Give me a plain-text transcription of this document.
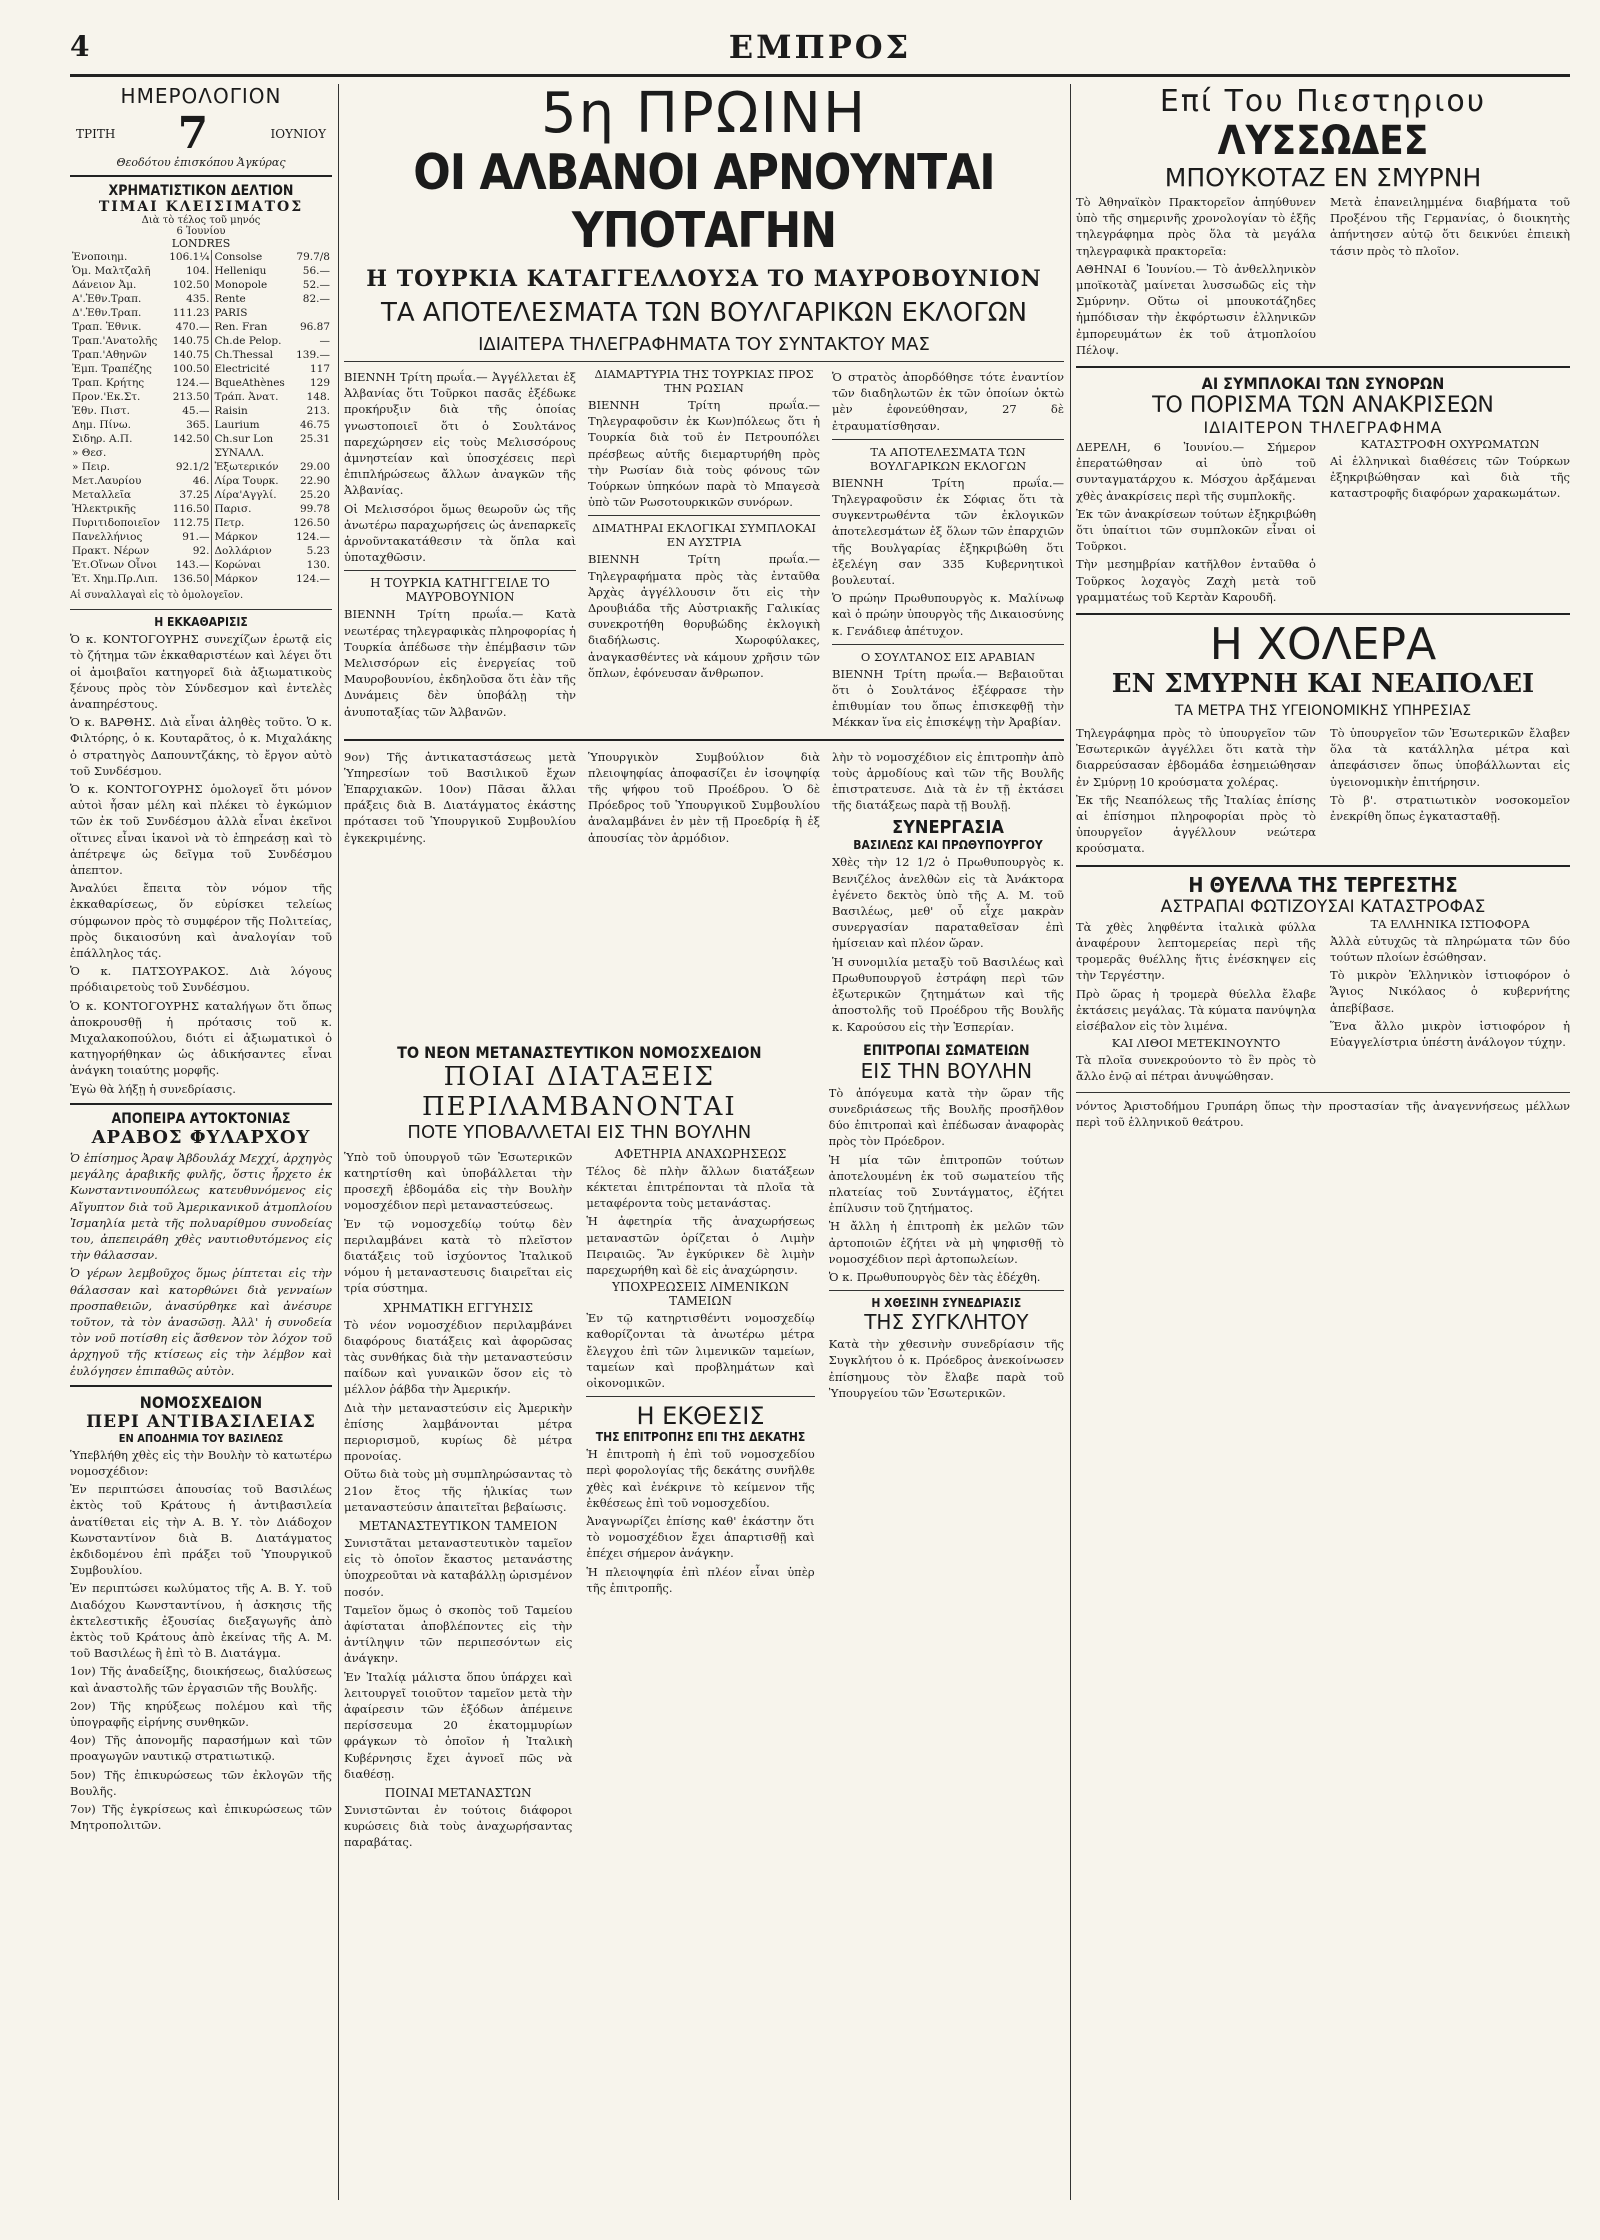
4	ΕΜΠΡΟΣ
ΗΜΕΡΟΛΟΓΙΟΝ
ΤΡΙΤΗ 7	ΙΟΥΝΙΟΥ
Θεοδότου ἐπισκόπου Ἀγκύρας
ΧΡΗΜΑΤΙΣΤΙΚΟΝ ΔΕΛΤΙΟΝ
ΤΙΜΑΙ ΚΛΕΙΣΙΜΑΤΟΣ
Διὰ τὸ τέλος τοῦ μηνός
6 Ἰουνίου
LONDRES
Ἑνοποιημ.	106.1¼	Consolse	79.7/8
Ὁμ. Μαλτζαλῆ	104.	Helleniqu	56.—
Δάνειον Ἀμ.	102.50	Monopole	52.—
Α'.Ἐθν.Τραπ.	435.	Rente	82.—
Δ'.Ἐθν.Τραπ.	111.23	PARIS	
Τραπ. Ἐθνικ.	470.—	Ren. Fran	96.87
Τραπ.'Ανατολῆς	140.75	Ch.de Pelop.	—
Τραπ.'Αθηνῶν	140.75	Ch.Thessal	139.—
Ἐμπ. Τραπέζης	100.50	Electricité	117
Τραπ. Κρήτης	124.—	BqueAthènes	129
Προν.'Εκ.Στ.	213.50	Τράπ. Ἀνατ.	148.
Ἐθν. Πιστ.	45.—	Raisin	213.
Δημ. Πίνω.	365.	Laurium	46.75
Σιδηρ. Α.Π.	142.50	Ch.sur Lon	25.31
» Θεσ.		ΣΥΝΑΛΛ.	
» Πειρ.	92.1/2	Ἐξωτερικόν	29.00
Μετ.Λαυρίου	46.	Λίρα Τουρκ.	22.90
Μεταλλεῖα	37.25	Λίρα'Αγγλί.	25.20
Ἠλεκτρικῆς	116.50	Παρισ.	99.78
Πυριτιδοποιεῖον	112.75	Πετρ.	126.50
Πανελλήνιος	91.—	Μάρκον	124.—
Πρακτ. Νέρων	92.	Δολλάριον	5.23
Ἐτ.Οἴνων Οἶνοι	143.—	Κορώναι	130.
Ἐτ. Χημ.Πρ.Λιπ.	136.50	Μάρκον	124.—
Αἱ συναλλαγαὶ εἰς τὸ ὁμολογεῖον.
Η ΕΚΚΑΘΑΡΙΣΙΣ

Ὁ κ. ΚΟΝΤΟΓΟΥΡΗΣ συνεχίζων ἐρωτᾷ εἰς τὸ ζήτημα τῶν ἐκκαθαριστέων καὶ λέγει ὅτι οἱ ἀμοιβαῖοι κατηγορεῖ διὰ ἀξιωματικοὺς ξένους πρὸς τὸν Σύνδεσμον καὶ ἐντελὲς ἀναπηρέστους.

Ὁ κ. ΒΑΡΘΗΣ. Διὰ εἶναι ἀληθὲς τοῦτο. Ὁ κ. Φιλτόρης, ὁ κ. Κουταρᾶτος, ὁ κ. Μιχαλάκης ὁ στρατηγὸς Δαπουντζάκης, τὸ ἔργον αὐτὸ τοῦ Συνδέσμου.

Ὁ κ. ΚΟΝΤΟΓΟΥΡΗΣ ὁμολογεῖ ὅτι μόνον αὐτοὶ ἦσαν μέλη καὶ πλέκει τὸ ἐγκώμιον τῶν ἐκ τοῦ Συνδέσμου ἀλλὰ εἶναι ἐκεῖνοι οἵτινες εἶναι ἱκανοὶ νὰ τὸ ἐπηρεάσῃ καὶ τὸ ἀπέτρεψε ὡς δεῖγμα τοῦ Συνδέσμου ἀπεπτον.

Ἀναλύει ἔπειτα τὸν νόμον τῆς ἐκκαθαρίσεως, ὅν εὑρίσκει τελείως σύμφωνον πρὸς τὸ συμφέρον τῆς Πολιτείας, πρὸς δικαιοσύνη καὶ ἀναλογίαν τοῦ ἐπάλληλος τάς.

Ὁ κ. ΠΑΤΣΟΥΡΑΚΟΣ. Διὰ λόγους πρόδιαιρετοὺς τοῦ Συνδέσμου.

Ὁ κ. ΚΟΝΤΟΓΟΥΡΗΣ καταλήγων ὅτι ὅπως ἀποκρουσθῇ ἡ πρότασις τοῦ κ. Μιχαλακοπούλου, διότι εἰ ἀξιωματικοὶ ὁ κατηγορήθηκαν ὡς ἀδικήσαντες εἶναι ἀνάγκη τοιαύτης μορφῆς.

Ἐγὼ θὰ λήξῃ ἡ συνεδρίασις.

ΑΠΟΠΕΙΡΑ ΑΥΤΟΚΤΟΝΙΑΣ
ΑΡΑΒΟΣ ΦΥΛΑΡΧΟΥ

Ὁ ἐπίσημος Ἀραψ Ἀβδουλάχ Μεχχί, ἀρχηγὸς μεγάλης ἀραβικῆς φυλῆς, ὅστις ἦρχετο ἐκ Κωνσταντινουπόλεως κατευθυνόμενος εἰς Αἴγυπτον διὰ τοῦ Ἀμερικανικοῦ ἀτμοπλοίου Ἰσμαηλία μετὰ τῆς πολυαρίθμου συνοδείας του, ἀπεπειράθη χθὲς ναυτιοθυτόμενος εἰς τὴν θάλασσαν.

Ὁ γέρων λεμβοῦχος ὅμως ῥίπτεται εἰς τὴν θάλασσαν καὶ κατορθώνει διὰ γενναίων προσπαθειῶν, ἀνασύρθηκε καὶ ἀνέσυρε τοῦτον, τὰ τὸν ἀνασῶσῃ. Ἀλλ' ἡ συνοδεία τὸν νοῦ ποτίσθη εἰς ἄσθενον τὸν λόχον τοῦ ἀρχηγοῦ τῆς κτίσεως εἰς τὴν λέμβον καὶ ἐυλόγησεν ἐπιπαθῶς αὐτὸν.

ΝΟΜΟΣΧΕΔΙΟΝ
ΠΕΡΙ ΑΝΤΙΒΑΣΙΛΕΙΑΣ
ΕΝ ΑΠΟΔΗΜΙΑ ΤΟΥ ΒΑΣΙΛΕΩΣ

Ὑπεβλήθη χθὲς εἰς τὴν Βουλὴν τὸ κατωτέρω νομοσχέδιον:

Ἐν περιπτώσει ἀπουσίας τοῦ Βασιλέως ἐκτὸς τοῦ Κράτους ἡ ἀντιβασιλεία ἀνατίθεται εἰς τὴν Α. Β. Υ. τὸν Διάδοχον Κωνσταντίνον διὰ Β. Διατάγματος ἐκδιδομένου ἐπὶ πράξει τοῦ Ὑπουργικοῦ Συμβουλίου.

Ἐν περιπτώσει κωλύματος τῆς Α. Β. Υ. τοῦ Διαδόχου Κωνσταντίνου, ἡ ἀσκησις τῆς ἐκτελεστικῆς ἐξουσίας διεξαγωγῆς ἀπὸ ἐκτὸς τοῦ Κράτους ἀπὸ ἐκείνας τῆς Α. Μ. τοῦ Βασιλέως ἢ ἐπὶ τὸ Β. Διατάγμα.

1ον) Τῆς ἀναδείξης, διοικήσεως, διαλύσεως καὶ ἀναστολῆς τῶν ἐργασιῶν τῆς Βουλῆς.

2ον) Τῆς κηρύξεως πολέμου καὶ τῆς ὑπογραφῆς εἰρήνης συνθηκῶν.

4ον) Τῆς ἀπονομῆς παρασήμων καὶ τῶν προαγωγῶν ναυτικῷ στρατιωτικῷ.

5ον) Τῆς ἐπικυρώσεως τῶν ἐκλογῶν τῆς Βουλῆς.

7ον) Τῆς ἐγκρίσεως καὶ ἐπικυρώσεως τῶν Μητροπολιτῶν.

5η ΠΡΩΙΝΗ
ΟΙ ΑΛΒΑΝΟΙ ΑΡΝΟΥΝΤΑΙ ΥΠΟΤΑΓΗΝ
Η ΤΟΥΡΚΙΑ ΚΑΤΑΓΓΕΛΛΟΥΣΑ ΤΟ ΜΑΥΡΟΒΟΥΝΙΟΝ
ΤΑ ΑΠΟΤΕΛΕΣΜΑΤΑ ΤΩΝ ΒΟΥΛΓΑΡΙΚΩΝ ΕΚΛΟΓΩΝ
ΙΔΙΑΙΤΕΡΑ ΤΗΛΕΓΡΑΦΗΜΑΤΑ ΤΟΥ ΣΥΝΤΑΚΤΟΥ ΜΑΣ

ΒΙΕΝΝΗ Τρίτη πρωΐα.— Ἀγγέλλεται ἐξ Ἀλβανίας ὅτι Τοῦρκοι πασᾶς ἐξέδωκε προκήρυξιν διὰ τῆς ὁποίας γνωστοποιεῖ ὅτι ὁ Σουλτάνος παρεχώρησεν εἰς τοὺς Μελισσόρους ἀμνηστείαν καὶ ὑποσχέσεις περὶ ἐπιπλήρώσεως ἄλλων ἀναγκῶν τῆς Ἀλβανίας.

Οἱ Μελισσόροι ὅμως θεωροῦν ὡς τῆς ἀνωτέρω παραχωρήσεις ὡς ἀνεπαρκεῖς ἀρνοῦντακατάθεσιν τὰ ὅπλα καὶ ὑποταχθῶσιν.

Η ΤΟΥΡΚΙΑ ΚΑΤΗΓΓΕΙΛΕ ΤΟ ΜΑΥΡΟΒΟΥΝΙΟΝ

ΒΙΕΝΝΗ Τρίτη πρωΐα.— Κατὰ νεωτέρας τηλεγραφικὰς πληροφορίας ἡ Τουρκία ἀπέδωσε τὴν ἐπέμβασιν τῶν Μελισσόρων εἰς ἐνεργείας τοῦ Μαυροβουνίου, ἐκδηλοῦσα ὅτι ἐὰν τῆς Δυνάμεις δὲν ὑποβάλῃ τὴν ἀνυποταξίας τῶν Ἀλβανῶν.

ΔΙΑΜΑΡΤΥΡΙΑ ΤΗΣ ΤΟΥΡΚΙΑΣ ΠΡΟΣ ΤΗΝ ΡΩΣΙΑΝ

ΒΙΕΝΝΗ Τρίτη πρωΐα.— Τηλεγραφοῦσιν ἐκ Κων)πόλεως ὅτι ἡ Τουρκία διὰ τοῦ ἐν Πετρουπόλει πρέσβεως αὐτῆς διεμαρτυρήθη πρὸς τὴν Ρωσίαν διὰ τοὺς φόνους τῶν Τούρκων ὑπηκόων παρὰ τὸ Μπαγεσὰ ὑπὸ τῶν Ρωσοτουρκικῶν συνόρων.

ΔΙΜΑΤΗΡΑΙ ΕΚΛΟΓΙΚΑΙ ΣΥΜΠΛΟΚΑΙ ΕΝ ΑΥΣΤΡΙΑ

ΒΙΕΝΝΗ Τρίτη πρωΐα.— Τηλεγραφήματα πρὸς τὰς ἐνταῦθα Ἀρχὰς ἀγγέλλουσιν ὅτι εἰς τὴν Δρουβιάδα τῆς Αὐστριακῆς Γαλικίας συνεκροτήθη θορυβώδης ἐκλογικὴ διαδήλωσις. Χωροφύλακες, ἀναγκασθέντες νὰ κάμουν χρῆσιν τῶν ὅπλων, ἐφόνευσαν ἄνθρωπον.

Ὁ στρατὸς ἀπορδόθησε τότε ἐναντίον τῶν διαδηλωτῶν ἐκ τῶν ὁποίων ὀκτὼ μὲν ἐφονεύθησαν, 27 δὲ ἐτραυματίσθησαν.

ΤΑ ΑΠΟΤΕΛΕΣΜΑΤΑ ΤΩΝ ΒΟΥΛΓΑΡΙΚΩΝ ΕΚΛΟΓΩΝ

ΒΙΕΝΝΗ Τρίτη πρωΐα.— Τηλεγραφοῦσιν ἐκ Σόφιας ὅτι τὰ συγκεντρωθέντα τῶν ἐκλογικῶν ἀποτελεσμάτων ἐξ ὅλων τῶν ἐπαρχιῶν τῆς Βουλγαρίας ἐξηκριβώθη ὅτι ἐξελέγη σαν 335 Κυβερνητικοὶ βουλευταί.

Ὁ πρώην Πρωθυπουργὸς κ. Μαλίνωφ καὶ ὁ πρώην ὑπουργὸς τῆς Δικαιοσύνης κ. Γενάδιεφ ἀπέτυχον.

Ο ΣΟΥΛΤΑΝΟΣ ΕΙΣ ΑΡΑΒΙΑΝ

ΒΙΕΝΝΗ Τρίτη πρωΐα.— Βεβαιοῦται ὅτι ὁ Σουλτάνος ἐξέφρασε τὴν ἐπιθυμίαν του ὅπως ἐπισκεφθῇ τὴν Μέκκαν ἵνα εἰς ἐπισκέψῃ τὴν Ἀραβίαν.

9ον) Τῆς ἀντικαταστάσεως μετὰ Ὑπηρεσίων τοῦ Βασιλικοῦ ἔχων Ἐπαρχιακῶν. 10ον) Πᾶσαι ἄλλαι πράξεις διὰ Β. Διατάγματος ἐκάστης πρότασει τοῦ Ὑπουργικοῦ Συμβουλίου ἐγκεκριμένης.

Ὑπουργικὸν Συμβούλιον διὰ πλειοψηφίας ἀποφασίζει ἐν ἰσοψηφίᾳ τῆς ψήφου τοῦ Προέδρου. Ὁ δὲ Πρόεδρος τοῦ Ὑπουργικοῦ Συμβουλίου ἀναλαμβάνει ἐν μὲν τῇ Προεδρίᾳ ἢ ἐξ ἀπουσίας τὸν ἀρμόδιον.

λὴν τὸ νομοσχέδιον εἰς ἐπιτροπὴν ἀπὸ τοὺς ἁρμοδίους καὶ τῶν τῆς Βουλῆς ἐπιστρατευσε. Διὰ τὰ ἐν τῇ ἐκτάσει τῆς διατάξεως παρὰ τῇ Βουλῇ.

ΣΥΝΕΡΓΑΣΙΑ
ΒΑΣΙΛΕΩΣ ΚΑΙ ΠΡΩΘΥΠΟΥΡΓΟΥ

Χθὲς τὴν 12 1/2 ὁ Πρωθυπουργὸς κ. Βενιζέλος ἀνελθὼν εἰς τὰ Ἀνάκτορα ἐγένετο δεκτὸς ὑπὸ τῆς Α. Μ. τοῦ Βασιλέως, μεθ' οὗ εἶχε μακρὰν συνεργασίαν παραταθεῖσαν ἐπὶ ἡμίσειαν καὶ πλέον ὥραν.

Ἡ συνομιλία μεταξὺ τοῦ Βασιλέως καὶ Πρωθυπουργοῦ ἐστράφη περὶ τῶν ἐξωτερικῶν ζητημάτων καὶ τῆς ἀποστολῆς τοῦ Προέδρου τῆς Βουλῆς κ. Καρούσου εἰς τὴν Ἑσπερίαν.

ΤΟ ΝΕΟΝ ΜΕΤΑΝΑΣΤΕΥΤΙΚΟΝ ΝΟΜΟΣΧΕΔΙΟΝ
ΠΟΙΑΙ ΔΙΑΤΑΞΕΙΣ ΠΕΡΙΛΑΜΒΑΝΟΝΤΑΙ
ΠΟΤΕ ΥΠΟΒΑΛΛΕΤΑΙ ΕΙΣ ΤΗΝ ΒΟΥΛΗΝ

Ὑπὸ τοῦ ὑπουργοῦ τῶν Ἐσωτερικῶν κατηρτίσθη καὶ ὑποβάλλεται τὴν προσεχῆ ἑβδομάδα εἰς τὴν Βουλὴν νομοσχέδιον περὶ μεταναστεύσεως.

Ἐν τῷ νομοσχεδίῳ τούτῳ δὲν περιλαμβάνει κατὰ τὸ πλεῖστον διατάξεις τοῦ ἰσχύοντος Ἰταλικοῦ νόμου ἡ μεταναστευσις διαιρεῖται εἰς τρία σύστημα.

ΧΡΗΜΑΤΙΚΗ ΕΓΓΥΗΣΙΣ

Τὸ νέον νομοσχέδιον περιλαμβάνει διαφόρους διατάξεις καὶ ἀφορῶσας τὰς συνθήκας διὰ τὴν μεταναστεύσιν παίδων καὶ γυναικῶν ὅσον εἰς τὸ μέλλον ῥάβδα τὴν Ἀμερικήν.

Διὰ τὴν μεταναστεύσιν εἰς Ἀμερικὴν ἐπίσης λαμβάνονται μέτρα περιορισμοῦ, κυρίως δὲ μέτρα προνοίας.

Οὕτω διὰ τοὺς μὴ συμπληρώσαντας τὸ 21ον ἔτος τῆς ἡλικίας των μεταναστεύσιν ἀπαιτεῖται βεβαίωσις.

ΜΕΤΑΝΑΣΤΕΥΤΙΚΟΝ ΤΑΜΕΙΟΝ

Συνιστᾶται μεταναστευτικὸν ταμεῖον εἰς τὸ ὁποῖον ἔκαστος μετανάστης ὑποχρεοῦται νὰ καταβάλλῃ ὡρισμένον ποσόν.

Ταμεῖον ὅμως ὁ σκοπὸς τοῦ Ταμείου ἀφίσταται ἀποβλέποντες εἰς τὴν ἀντίληψιν τῶν περιπεσόντων εἰς ἀνάγκην.

Ἐν Ἰταλίᾳ μάλιστα ὅπου ὑπάρχει καὶ λειτουργεῖ τοιοῦτον ταμεῖον μετὰ τὴν ἀφαίρεσιν τῶν ἐξόδων ἀπέμεινε περίσσευμα 20 ἑκατομμυρίων φράγκων τὸ ὁποῖον ἡ Ἰταλικὴ Κυβέρνησις ἔχει ἀγνοεῖ πῶς νὰ διαθέσῃ.

ΠΟΙΝΑΙ ΜΕΤΑΝΑΣΤΩΝ

Συνιστῶνται ἐν τούτοις διάφοροι κυρώσεις διὰ τοὺς ἀναχωρήσαντας παραβάτας.

ΑΦΕΤΗΡΙΑ ΑΝΑΧΩΡΗΣΕΩΣ

Τέλος δὲ πλὴν ἄλλων διατάξεων κέκτεται ἐπιτρέπονται τὰ πλοῖα τὰ μεταφέροντα τοὺς μετανάστας.

Ἡ ἀφετηρία τῆς ἀναχωρήσεως μεταναστῶν ὁρίζεται ὁ Λιμὴν Πειραιῶς. Ἂν ἐγκύρικεν δὲ λιμὴν παρεχωρήθη καὶ δὲ εἰς ἀναχώρησιν.

ΥΠΟΧΡΕΩΣΕΙΣ ΛΙΜΕΝΙΚΩΝ ΤΑΜΕΙΩΝ

Ἐν τῷ κατηρτισθέντι νομοσχεδίῳ καθορίζονται τὰ ἀνωτέρω μέτρα ἔλεγχου ἐπὶ τῶν λιμενικῶν ταμείων, ταμείων καὶ προβλημάτων καὶ οἰκονομικῶν.

Η ΕΚΘΕΣΙΣ
ΤΗΣ ΕΠΙΤΡΟΠΗΣ ΕΠΙ ΤΗΣ ΔΕΚΑΤΗΣ

Ἡ ἐπιτροπὴ ἡ ἐπὶ τοῦ νομοσχεδίου περὶ φορολογίας τῆς δεκάτης συνῆλθε χθὲς καὶ ἐνέκρινε τὸ κείμενον τῆς ἐκθέσεως ἐπὶ τοῦ νομοσχεδίου.

Ἀναγνωρίζει ἐπίσης καθ' ἑκάστην ὅτι τὸ νομοσχέδιον ἔχει ἀπαρτισθῇ καὶ ἐπέχει σήμερον ἀνάγκην.

Ἡ πλειοψηφία ἐπὶ πλέον εἶναι ὑπὲρ τῆς ἐπιτροπῆς.

ΕΠΙΤΡΟΠΑΙ ΣΩΜΑΤΕΙΩΝ
ΕΙΣ ΤΗΝ ΒΟΥΛΗΝ

Τὸ ἀπόγευμα κατὰ τὴν ὥραν τῆς συνεδριάσεως τῆς Βουλῆς προσῆλθον δύο ἐπιτροπαὶ καὶ ἐπέδωσαν ἀναφορὰς πρὸς τὸν Πρόεδρον.

Ἡ μία τῶν ἐπιτροπῶν τούτων ἀποτελουμένη ἐκ τοῦ σωματείου τῆς πλατείας τοῦ Συντάγματος, ἐζήτει ἐπίλυσιν τοῦ ζητήματος.

Ἡ ἄλλη ἡ ἐπιτροπὴ ἐκ μελῶν τῶν ἀρτοποιῶν ἐζήτει νὰ μὴ ψηφισθῇ τὸ νομοσχέδιον περὶ ἀρτοπωλείων.

Ὁ κ. Πρωθυπουργὸς δὲν τὰς ἐδέχθη.

Η ΧΘΕΣΙΝΗ ΣΥΝΕΔΡΙΑΣΙΣ
ΤΗΣ ΣΥΓΚΛΗΤΟΥ

Κατὰ τὴν χθεσινὴν συνεδρίασιν τῆς Συγκλήτου ὁ κ. Πρόεδρος ἀνεκοίνωσεν ἐπίσημους τὸν ἔλαβε παρὰ τοῦ Ὑπουργείου τῶν Ἐσωτερικῶν.

Επί Του Πιεστηριου
ΛΥΣΣΩΔΕΣ
ΜΠΟΥΚΟΤΑΖ ΕΝ ΣΜΥΡΝΗ

Τὸ Ἀθηναϊκὸν Πρακτορεῖον ἀπηύθυνεν ὑπὸ τῆς σημερινῆς χρονολογίαν τὸ ἑξῆς τηλεγράφημα πρὸς ὅλα τὰ μεγάλα τηλεγραφικὰ πρακτορεῖα:

ΑΘΗΝΑΙ 6 Ἰουνίου.— Τὸ ἀνθελληνικὸν μποϊκοτὰζ μαίνεται λυσσωδῶς εἰς τὴν Σμύρνην. Οὕτω οἱ μπουκοτάζηδες ἠμπόδισαν τὴν ἐκφόρτωσιν ἑλληνικῶν ἐμπορευμάτων ἐκ τοῦ ἀτμοπλοίου Πέλοψ.

Μετὰ ἐπανειλημμένα διαβήματα τοῦ Προξένου τῆς Γερμανίας, ὁ διοικητὴς ἀπήντησεν αὐτῷ ὅτι δεικνύει ἐπιεικὴ τάσιν πρὸς τὸ πλοῖον.

ΑΙ ΣΥΜΠΛΟΚΑΙ ΤΩΝ ΣΥΝΟΡΩΝ
ΤΟ ΠΟΡΙΣΜΑ ΤΩΝ ΑΝΑΚΡΙΣΕΩΝ
ΙΔΙΑΙΤΕΡΟΝ ΤΗΛΕΓΡΑΦΗΜΑ

ΔΕΡΕΛΗ, 6 Ἰουνίου.— Σήμερον ἐπερατώθησαν αἱ ὑπὸ τοῦ συνταγματάρχου κ. Μόσχου ἀρξάμεναι χθὲς ἀνακρίσεις περὶ τῆς συμπλοκῆς.

Ἐκ τῶν ἀνακρίσεων τούτων ἐξηκριβώθη ὅτι ὑπαίτιοι τῶν συμπλοκῶν εἶναι οἱ Τοῦρκοι.

Τὴν μεσημβρίαν κατῆλθον ἐνταῦθα ὁ Τοῦρκος λοχαγὸς Ζαχὴ μετὰ τοῦ γραμματέως τοῦ Κερτὰν Καρουδῆ.

ΚΑΤΑΣΤΡΟΦΗ ΟΧΥΡΩΜΑΤΩΝ

Αἱ ἑλληνικαὶ διαθέσεις τῶν Τούρκων ἐξηκριβώθησαν καὶ διὰ τῆς καταστροφῆς διαφόρων χαρακωμάτων.

Η ΧΟΛΕΡΑ
ΕΝ ΣΜΥΡΝΗ ΚΑΙ ΝΕΑΠΟΛΕΙ
ΤΑ ΜΕΤΡΑ ΤΗΣ ΥΓΕΙΟΝΟΜΙΚΗΣ ΥΠΗΡΕΣΙΑΣ

Τηλεγράφημα πρὸς τὸ ὑπουργεῖον τῶν Ἐσωτερικῶν ἀγγέλλει ὅτι κατὰ τὴν διαρρεύσασαν ἑβδομάδα ἐσημειώθησαν ἐν Σμύρνῃ 10 κρούσματα χολέρας.

Ἐκ τῆς Νεαπόλεως τῆς Ἰταλίας ἐπίσης αἱ ἐπίσημοι πληροφορίαι πρὸς τὸ ὑπουργεῖον ἀγγέλλουν νεώτερα κρούσματα.

Τὸ ὑπουργεῖον τῶν Ἐσωτερικῶν ἔλαβεν ὅλα τὰ κατάλληλα μέτρα καὶ ἀπεφάσισεν ὅπως ὑποβάλλωνται εἰς ὑγειονομικὴν ἐπιτήρησιν.

Τὸ β'. στρατιωτικὸν νοσοκομεῖον ἐνεκρίθη ὅπως ἐγκατασταθῇ.

Η ΘΥΕΛΛΑ ΤΗΣ ΤΕΡΓΕΣΤΗΣ
ΑΣΤΡΑΠΑΙ ΦΩΤΙΖΟΥΣΑΙ ΚΑΤΑΣΤΡΟΦΑΣ

Τὰ χθὲς ληφθέντα ἰταλικὰ φύλλα ἀναφέρουν λεπτομερείας περὶ τῆς τρομερᾶς θυέλλης ἥτις ἐνέσκηψεν εἰς τὴν Τεργέστην.

Πρὸ ὥρας ἡ τρομερὰ θύελλα ἔλαβε ἐκτάσεις μεγάλας. Τὰ κύματα πανύψηλα εἰσέβαλον εἰς τὸν λιμένα.

ΚΑΙ ΛΙΘΟΙ ΜΕΤΕΚΙΝΟΥΝΤΟ

Τὰ πλοῖα συνεκρούοντο τὸ ἓν πρὸς τὸ ἄλλο ἐνῷ αἱ πέτραι ἀνυψώθησαν.

ΤΑ ΕΛΛΗΝΙΚΑ ΙΣΤΙΟΦΟΡΑ

Ἀλλὰ εὐτυχῶς τὰ πληρώματα τῶν δύο τούτων πλοίων ἐσώθησαν.

Τὸ μικρὸν Ἑλληνικὸν ἱστιοφόρον ὁ Ἅγιος Νικόλαος ὁ κυβερνήτης ἀπεβίβασε.

Ἕνα ἄλλο μικρὸν ἱστιοφόρον ἡ Εὐαγγελίστρια ὑπέστη ἀνάλογον τύχην.

νόντος Ἀριστοδήμου Γρυπάρη ὅπως τὴν προστασίαν τῆς ἀναγεννήσεως μέλλων περὶ τοῦ ἑλληνικοῦ θεάτρου.
